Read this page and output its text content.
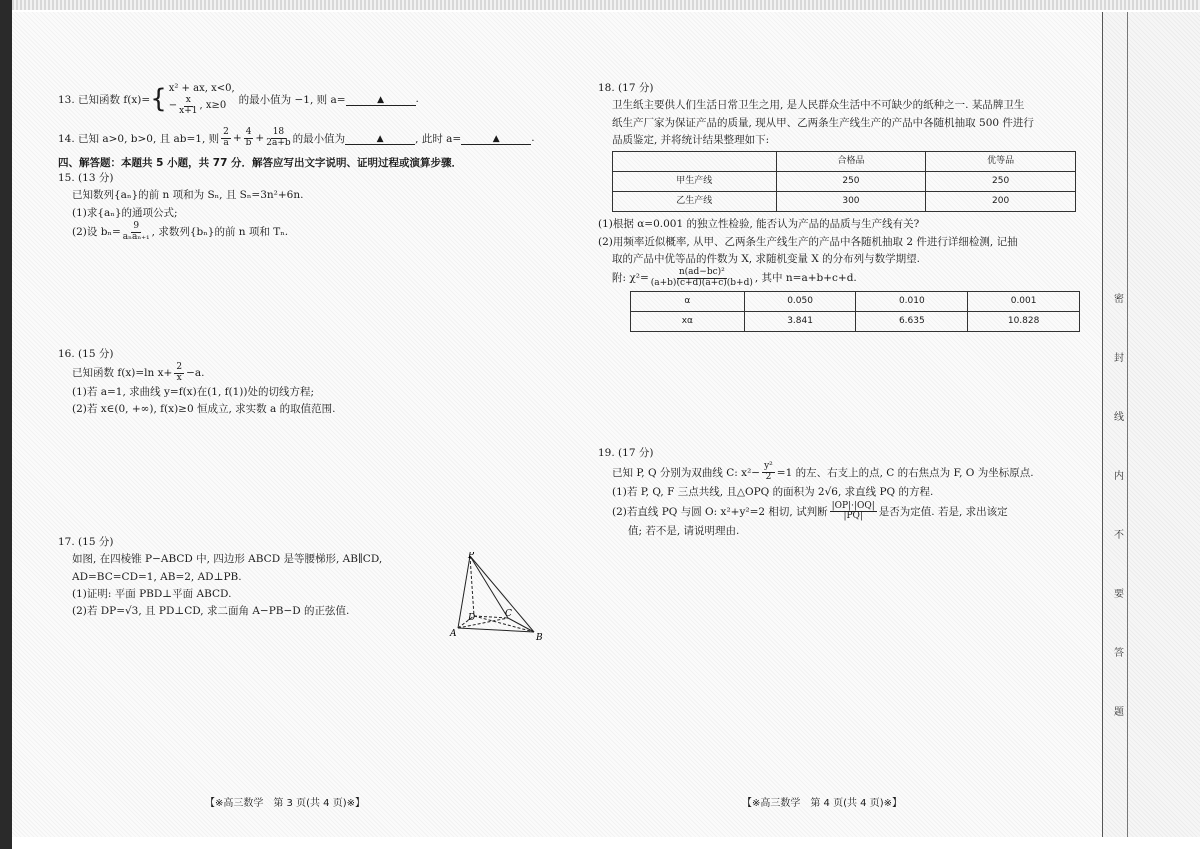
密
封
线
内
不
要
答
题
13. 已知函数 f(x)= { x² + ax, x<0,
− $\frac{x}{x+1}$ , x≥0 的最小值为 −1, 则 a=	▲	.
14. 已知 a>0, b>0, 且 ab=1, 则 $\frac{2}{a} + \frac{4}{b} + \frac{18}{2a+b}$ 的最小值为	▲	, 此时 a=	▲	.
四、解答题：本题共 5 小题，共 77 分．解答应写出文字说明、证明过程或演算步骤．
15. (13 分)
已知数列{aₙ}的前 n 项和为 Sₙ, 且 Sₙ=3n²+6n.
(1)求{aₙ}的通项公式;
(2)设 $b_n= \frac{9}{\text{aₙaₙ₊₁}}$ , 求数列{bₙ}的前 n 项和 Tₙ.
16. (15 分)
已知函数 f(x)=ln $x+ \frac{2}{x} -a$.
(1)若 a=1, 求曲线 y=f(x)在(1, f(1))处的切线方程;
(2)若 x∈(0, +∞), f(x)≥0 恒成立, 求实数 a 的取值范围.
17. (15 分)
如图, 在四棱锥 P−ABCD 中, 四边形 ABCD 是等腰梯形, AB∥CD,
AD=BC=CD=1, AB=2, AD⊥PB.
(1)证明: 平面 PBD⊥平面 ABCD.
(2)若 DP=√3, 且 PD⊥CD, 求二面角 A−PB−D 的正弦值.
P
A	B
C
D
【※高三数学　第 3 页(共 4 页)※】
18. (17 分)
卫生纸主要供人们生活日常卫生之用, 是人民群众生活中不可缺少的纸种之一. 某品牌卫生
纸生产厂家为保证产品的质量, 现从甲、乙两条生产线生产的产品中各随机抽取 500 件进行
品质鉴定, 并将统计结果整理如下:
	合格品	优等品
甲生产线	250	250
乙生产线	300	200
(1)根据 α=0.001 的独立性检验, 能否认为产品的品质与生产线有关?
(2)用频率近似概率, 从甲、乙两条生产线生产的产品中各随机抽取 2 件进行详细检测, 记抽
取的产品中优等品的件数为 X, 求随机变量 X 的分布列与数学期望.
附: $\chi^2= \frac{\text{n(ad−bc)²}}{(a+b)(c+d)(a+c)(b+d)}$ , 其中 n=a+b+c+d.
α	0.050	0.010	0.001
xα	3.841	6.635	10.828
19. (17 分)
已知 P, Q 分别为双曲线 C: $x^2- \frac{\text{y²}}{2} =1$ 的左、右支上的点, C 的右焦点为 F, O 为坐标原点.
(1)若 P, Q, F 三点共线, 且△OPQ 的面积为 2√6, 求直线 PQ 的方程.
(2)若直线 PQ 与圆 O: x²+y²=2 相切, 试判断 $\frac{|OP|\cdot|OQ|}{|PQ|}$ 是否为定值. 若是, 求出该定
值; 若不是, 请说明理由.
【※高三数学　第 4 页(共 4 页)※】
